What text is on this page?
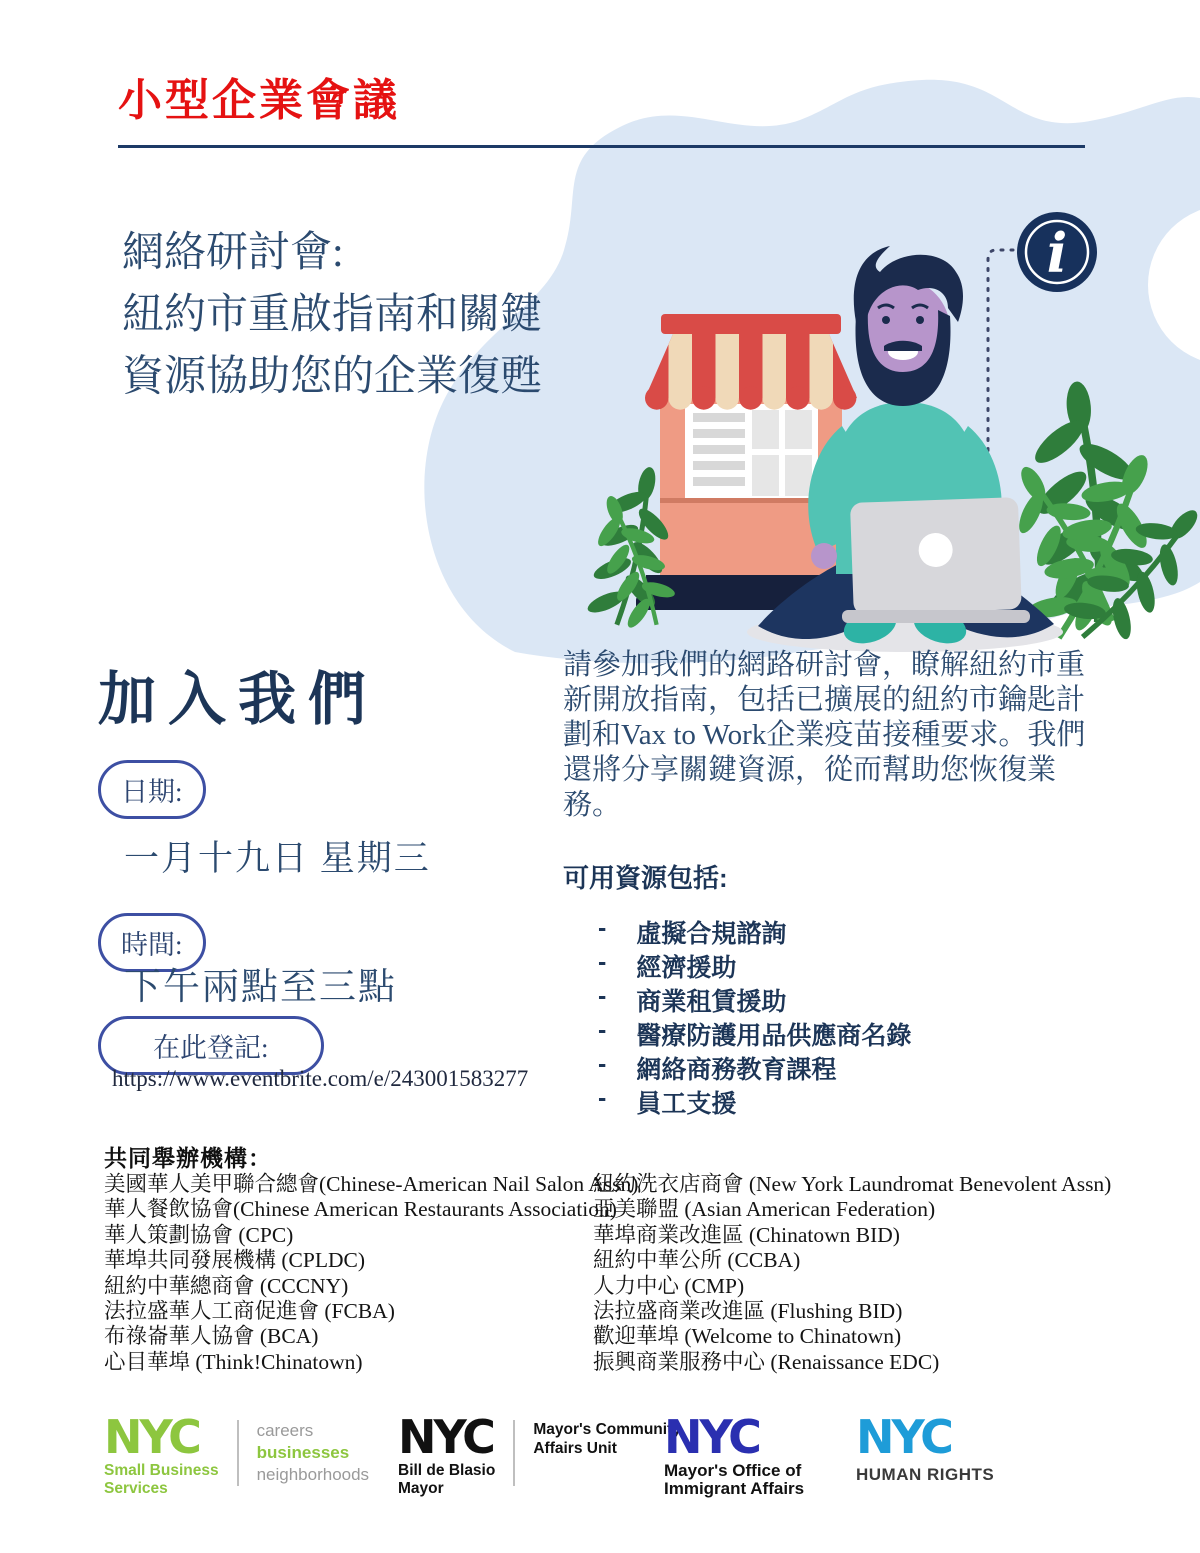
i
小型企業會議
網絡研討會:
紐約市重啟指南和關鍵
資源協助您的企業復甦
加入我們
日期:
一月十九日 星期三
時間:
下午兩點至三點
在此登記:
https://www.eventbrite.com/e/243001583277
請參加我們的網路研討會，瞭解紐約市重新開放指南，包括已擴展的紐約市鑰匙計劃和Vax to Work企業疫苗接種要求。我們還將分享關鍵資源，從而幫助您恢復業務。
可用資源包括:
- 虛擬合規諮詢
- 經濟援助
- 商業租賃援助
- 醫療防護用品供應商名錄
- 網絡商務教育課程
- 員工支援
共同舉辦機構：
美國華人美甲聯合總會(Chinese-American Nail Salon Assn)
華人餐飲協會(Chinese American Restaurants Association)
華人策劃協會 (CPC)
華埠共同發展機構 (CPLDC)
紐約中華總商會 (CCCNY)
法拉盛華人工商促進會 (FCBA)
布祿崙華人協會 (BCA)
心目華埠 (Think!Chinatown)
紐約洗衣店商會 (New York Laundromat Benevolent Assn)
亞美聯盟 (Asian American Federation)
華埠商業改進區 (Chinatown BID)
紐約中華公所 (CCBA)
人力中心 (CMP)
法拉盛商業改進區 (Flushing BID)
歡迎華埠 (Welcome to Chinatown)
振興商業服務中心 (Renaissance EDC)
NYC
Small Business
Services
careers
businesses
neighborhoods
NYC
Bill de Blasio
Mayor
Mayor's Community
Affairs Unit	NYC
Mayor's Office of
Immigrant Affairs
NYC
HUMAN RIGHTS
